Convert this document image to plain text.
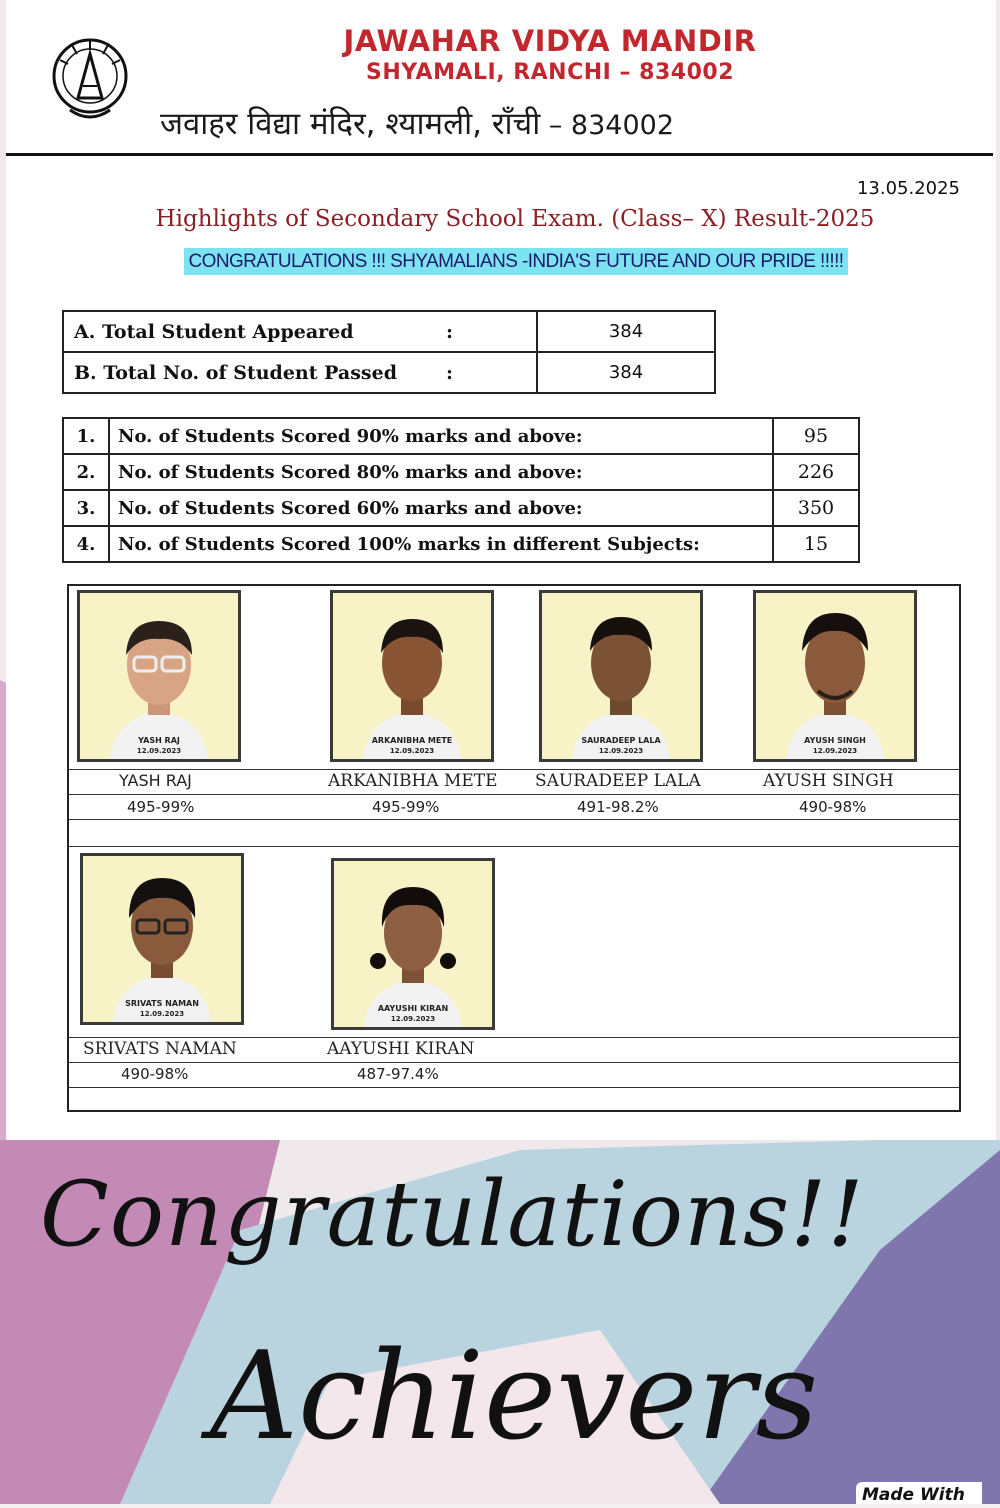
JAWAHAR VIDYA MANDIR
SHYAMALI, RANCHI – 834002
जवाहर विद्या मंदिर, श्यामली, राँची – 834002
13.05.2025
Highlights of Secondary School Exam. (Class– X) Result-2025
CONGRATULATIONS !!! SHYAMALIANS -INDIA'S FUTURE AND OUR PRIDE !!!!!
A. Total Student Appeared	:	384
B. Total No. of Student Passed	:	384
1.	No. of Students Scored 90% marks and above:	95
2.	No. of Students Scored 80% marks and above:	226
3.	No. of Students Scored 60% marks and above:	350
4.	No. of Students Scored 100% marks in different Subjects:	15
YASH RAJ
12.09.2023
YASH RAJ
495-99%
ARKANIBHA METE
12.09.2023
ARKANIBHA METE
495-99%
SAURADEEP LALA
12.09.2023
SAURADEEP LALA
491-98.2%
AYUSH SINGH
12.09.2023
AYUSH SINGH
490-98%
SRIVATS NAMAN
12.09.2023
SRIVATS NAMAN
490-98%
AAYUSHI KIRAN
12.09.2023
AAYUSHI KIRAN
487-97.4%
Congratulations!!
Achievers
Made With
